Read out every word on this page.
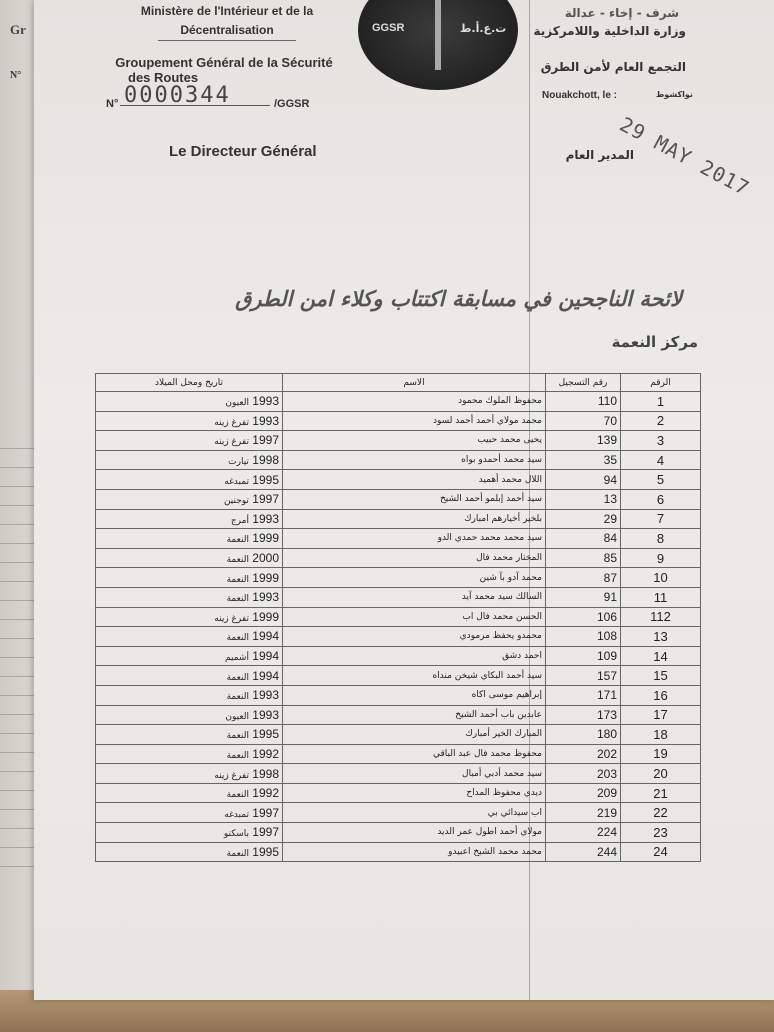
Gr
N°
Ministère de l'Intérieur et de la
Décentralisation
Groupement Général de la Sécurité
des Routes
N° 0000344	/GGSR
Le Directeur Général
GGSR	ت.ع.أ.ط
شرف - إخاء - عدالة
وزارة الداخلية واللامركزية
التجمع العام لأمن الطرق
Nouakchott, le :	نواكشوط
29 MAY 2017
المدير العام
لائحة الناجحين في مسابقة اكتتاب وكلاء امن الطرق
مركز النعمة
تاريخ ومحل الميلاد	الاسم	رقم التسجيل	الرقم
1993 العيون	محفوظ الملوك محمود	110	1
1993 تفرغ زينه	محمد مولاي أحمد أحمد لسود	70	2
1997 تفرغ زينه	يحيى محمد حبيب	139	3
1998 تيارت	سيد محمد أحمدو بواه	35	4
1995 تمبدغه	اللال محمد أهميد	94	5
1997 توجنين	سيد أحمد إبلمو أحمد الشيخ	13	6
1993 أمرج	بلخير أخيارهم امبارك	29	7
1999 النعمة	سيد محمد محمد حمدي الدو	84	8
2000 النعمة	المختار محمد فال	85	9
1999 النعمة	محمد آدو بآ شين	87	10
1993 النعمة	السالك سيد محمد آيد	91	11
1999 تفرغ زينه	الحسن محمد فال اب	106	112
1994 النعمة	محمدو يحفظ مرمودي	108	13
1994 أشميم	احمد دشق	109	14
1994 النعمة	سيد أحمد البكاي شيخن منداه	157	15
1993 النعمة	إبراهيم موسى اكاه	171	16
1993 العيون	عابدين باب أحمد الشيخ	173	17
1995 النعمة	المبارك الخير أمبارك	180	18
1992 النعمة	محفوظ محمد فال عبد الباقي	202	19
1998 تفرغ زينه	سيد محمد أدبي أمبال	203	20
1992 النعمة	ديدي محفوظ المداح	209	21
1997 تمبدغه	اب سيدائي بي	219	22
1997 باسكنو	مولاي أحمد اطول عمر الديد	224	23
1995 النعمة	محمد محمد الشيخ اعبيدو	244	24
